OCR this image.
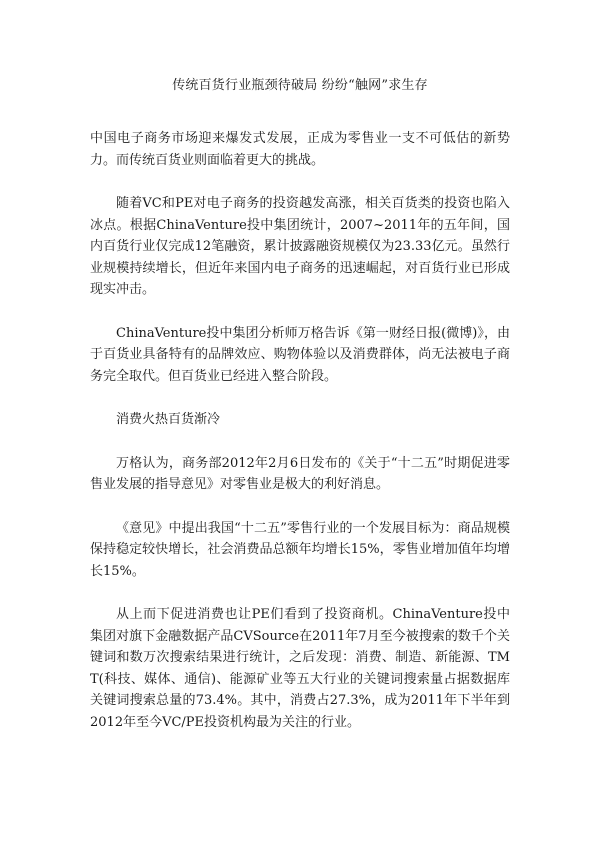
传统百货行业瓶颈待破局 纷纷“触网”求生存

中国电子商务市场迎来爆发式发展，正成为零售业一支不可低估的新势力。而传统百货业则面临着更大的挑战。

随着VC和PE对电子商务的投资越发高涨，相关百货类的投资也陷入冰点。根据ChinaVenture投中集团统计，2007~2011年的五年间，国内百货行业仅完成12笔融资，累计披露融资规模仅为23.33亿元。虽然行业规模持续增长，但近年来国内电子商务的迅速崛起，对百货行业已形成现实冲击。

ChinaVenture投中集团分析师万格告诉《第一财经日报(微博)》，由于百货业具备特有的品牌效应、购物体验以及消费群体，尚无法被电子商务完全取代。但百货业已经进入整合阶段。

消费火热百货渐冷

万格认为，商务部2012年2月6日发布的《关于“十二五”时期促进零售业发展的指导意见》对零售业是极大的利好消息。

《意见》中提出我国“十二五”零售行业的一个发展目标为：商品规模保持稳定较快增长，社会消费品总额年均增长15%，零售业增加值年均增长15%。

从上而下促进消费也让PE们看到了投资商机。ChinaVenture投中集团对旗下金融数据产品CVSource在2011年7月至今被搜索的数千个关键词和数万次搜索结果进行统计，之后发现：消费、制造、新能源、TMT(科技、媒体、通信)、能源矿业等五大行业的关键词搜索量占据数据库关键词搜索总量的73.4%。其中，消费占27.3%，成为2011年下半年到2012年至今VC/PE投资机构最为关注的行业。
